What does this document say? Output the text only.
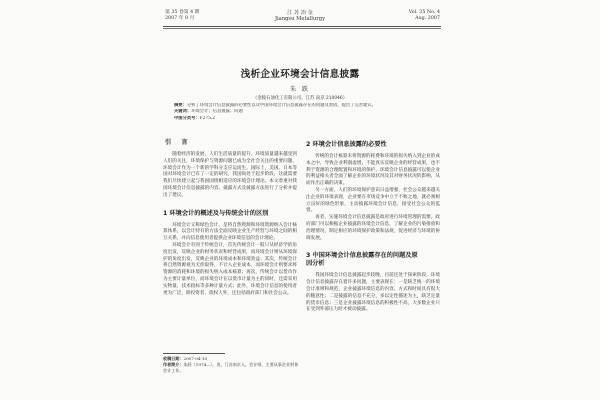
第 35 卷第 4 期
2007 年 8 月
江 苏 冶 金
Jiangsu Metallurgy
Vol. 35 No. 4
Aug. 2007
浅析企业环境会计信息披露
朱 跃
（金陵石油化工有限公司，江苏 南京 210046）
摘要：分析了环境会计信息披露的必要性以及中国环境会计信息披露存在的问题及原因，提出了完善建议。
关键词：环境会计；信息披露；问题
中图分类号：F275.2
引 言

随着经济的发展，人们生活质量的提升，环境质量越来越受到人们的关注，环境保护与资源问题已成为全社会关注的重要问题，环境会计作为一个新的学科分支应运而生。国际上，美国、日本等国对环境会计已有了一定的研究，我国尚处于起步阶段，这就需要我们尽快建立起与我国国情相适应的环境会计理论。本文着重对我国环境会计信息披露的内容、披露方式及披露方法进行了分析并提出了建议。

1 环境会计的概述及与传统会计的区别

环境会计又称绿色会计，是将自然资源和环境资源纳入会计核算体系，以会计特有的方法全面反映企业生产经营与环境之间的相互关系，并向信息使用者提供企业环境信息的会计理论。

环境会计有别于传统会计，首先传统会计一般只从经济学的角度出发，反映企业的财务状况和经营成果，而环境会计则从环境保护的角度出发，反映企业的环境成本和环境效益；其次，传统会计将自然资源视为无偿取得，不计入企业成本，而环境会计则要求将资源的消耗和环境的损失纳入成本核算；再次，传统会计以货币作为主要计量单位，而环境会计在以货币计量为主的同时，还需采用实物量、技术指标等多种计量方式；此外，环境会计信息的使用者更为广泛，除投资者、债权人外，还包括政府部门和社会公众。

2 环境会计信息披露的必要性

传统的会计核算未将资源的耗费和环境的损失纳入到企业的成本之中，导致企业利润虚增，不能真实反映企业的经营成果，也不利于资源的合理配置和环境的保护。环境会计信息披露可以使企业的利益相关者全面了解企业的环境状况及其对财务状况的影响，从而作出正确的决策。

另一方面，人们的环境保护意识日益增强，社会公众越来越关注企业的环境表现，企业要在市场竞争中立于不败之地，就必须树立良好的绿色形象，主动披露环境会计信息，接受社会公众的监督。

再者，实施环境会计信息披露是政府进行环境管理的需要。政府部门可以根据企业披露的环境会计信息，了解企业的污染排放和治理情况，制定相应的环境保护政策和法规，促进经济与环境的协调发展。

3 中国环境会计信息披露存在的问题及原因分析

我国环境会计信息披露起步较晚，目前还处于探索阶段，环境会计信息披露存在着许多问题，主要表现在：一是缺乏统一的环境会计准则和规范，企业披露环境信息的内容、方式和时间具有很大的随意性；二是披露的信息不充分，多以定性描述为主，缺乏定量的货币信息；三是企业披露环境信息的积极性不高，大多数企业只在受到外部压力时才被动披露。

收稿日期：2007-04-10
作者简介：朱跃（1974—），男，江苏南京人，会计师，主要从事企业财务会计工作。
